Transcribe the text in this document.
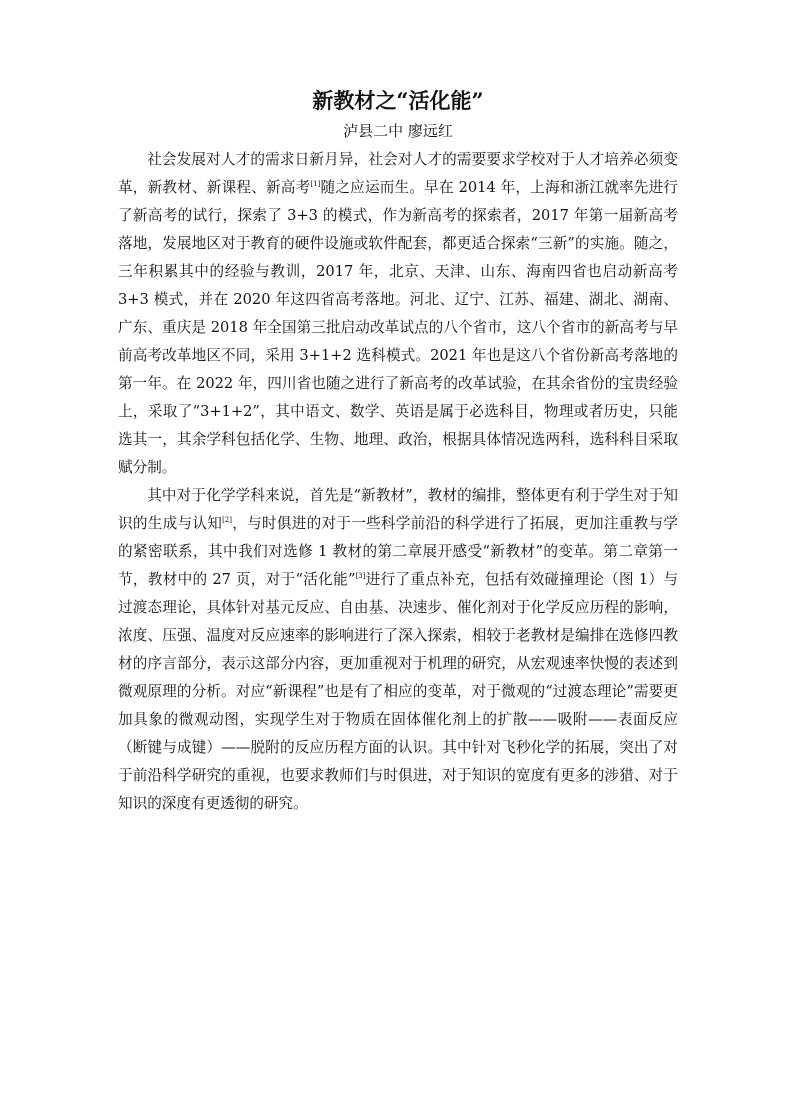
新教材之“活化能”

泸县二中 廖远红

社会发展对人才的需求日新月异，社会对人才的需要要求学校对于人才培养必须变革，新教材、新课程、新高考[1]随之应运而生。早在 2014 年，上海和浙江就率先进行了新高考的试行，探索了 3+3 的模式，作为新高考的探索者，2017 年第一届新高考落地，发展地区对于教育的硬件设施或软件配套，都更适合探索“三新”的实施。随之，三年积累其中的经验与教训，2017 年，北京、天津、山东、海南四省也启动新高考 3+3 模式，并在 2020 年这四省高考落地。河北、辽宁、江苏、福建、湖北、湖南、广东、重庆是 2018 年全国第三批启动改革试点的八个省市，这八个省市的新高考与早前高考改革地区不同，采用 3+1+2 选科模式。2021 年也是这八个省份新高考落地的第一年。在 2022 年，四川省也随之进行了新高考的改革试验，在其余省份的宝贵经验上，采取了“3+1+2”，其中语文、数学、英语是属于必选科目，物理或者历史，只能选其一，其余学科包括化学、生物、地理、政治，根据具体情况选两科，选科科目采取赋分制。

其中对于化学学科来说，首先是“新教材”，教材的编排，整体更有利于学生对于知识的生成与认知[2]，与时俱进的对于一些科学前沿的科学进行了拓展，更加注重教与学的紧密联系，其中我们对选修 1 教材的第二章展开感受“新教材”的变革。第二章第一节，教材中的 27 页，对于“活化能”[3]进行了重点补充，包括有效碰撞理论（图 1）与过渡态理论，具体针对基元反应、自由基、决速步、催化剂对于化学反应历程的影响，浓度、压强、温度对反应速率的影响进行了深入探索，相较于老教材是编排在选修四教材的序言部分，表示这部分内容，更加重视对于机理的研究，从宏观速率快慢的表述到微观原理的分析。对应“新课程”也是有了相应的变革，对于微观的“过渡态理论”需要更加具象的微观动图，实现学生对于物质在固体催化剂上的扩散——吸附——表面反应（断键与成键）——脱附的反应历程方面的认识。其中针对飞秒化学的拓展，突出了对于前沿科学研究的重视，也要求教师们与时俱进，对于知识的宽度有更多的涉猎、对于知识的深度有更透彻的研究。
